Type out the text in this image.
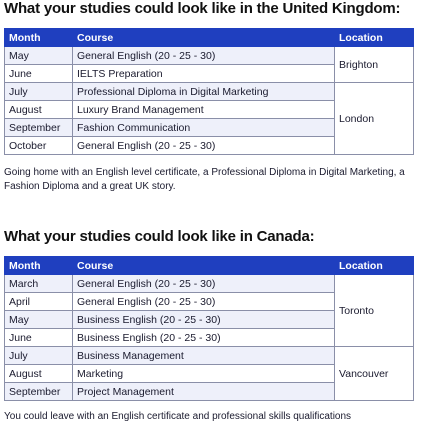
What your studies could look like in the United Kingdom:
Month	Course	Location
May	General English (20 - 25 - 30)	Brighton
June	IELTS Preparation	
July	Professional Diploma in Digital Marketing	London
August	Luxury Brand Management	
September	Fashion Communication	
October	General English (20 - 25 - 30)	
Going home with an English level certificate, a Professional Diploma in Digital Marketing, a Fashion Diploma and a great UK story.
What your studies could look like in Canada:
Month	Course	Location
March	General English (20 - 25 - 30)	Toronto
April	General English (20 - 25 - 30)	
May	Business English (20 - 25 - 30)	
June	Business English (20 - 25 - 30)	
July	Business Management	Vancouver
August	Marketing	
September	Project Management	
You could leave with an English certificate and professional skills qualifications
